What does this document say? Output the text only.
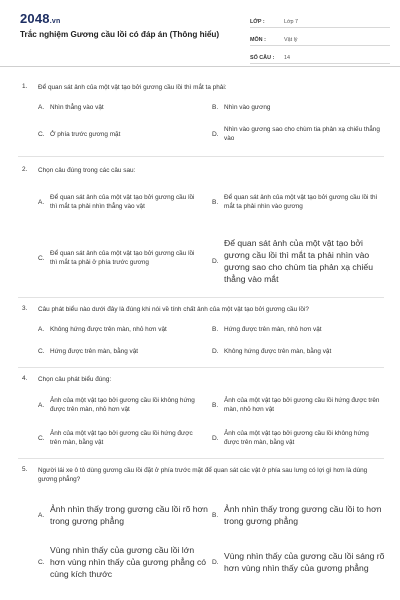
2048.vn
Trắc nghiệm Gương cầu lồi có đáp án (Thông hiểu)
LỚP :	Lớp 7
MÔN :	Vật lý
SỐ CÂU :	14
1. Để quan sát ảnh của một vật tạo bởi gương cầu lồi thì mắt ta phải:
A. Nhìn thẳng vào vật	B. Nhìn vào gương
C. Ở phía trước gương mặt	D.
Nhìn vào gương sao cho chùm tia phản xạ chiếu thẳng vào
2. Chọn câu đúng trong các câu sau:
A.
Để quan sát ảnh của một vật tạo bởi gương cầu lồi thì mắt ta phải nhìn thẳng vào vật
B.
Để quan sát ảnh của một vật tạo bởi gương cầu lồi thì mắt ta phải nhìn vào gương
C.
Để quan sát ảnh của một vật tạo bởi gương cầu lồi thì mắt ta phải ở phía trước gương	D.
Để quan sát ảnh của một vật tạo bởi gương cầu lồi thì mắt ta phải nhìn vào gương sao cho chùm tia phản xạ chiếu thẳng vào mắt
3. Câu phát biểu nào dưới đây là đúng khi nói về tính chất ảnh của một vật tạo bởi gương cầu lồi?
A. Không hứng được trên màn, nhỏ hơn vật	B. Hứng được trên màn, nhỏ hơn vật
C. Hứng được trên màn, bằng vật	D. Không hứng được trên màn, bằng vật
4. Chọn câu phát biểu đúng:
A.
Ảnh của một vật tạo bởi gương cầu lồi không hứng được trên màn, nhỏ hơn vật
B.
Ảnh của một vật tạo bởi gương cầu lồi hứng được trên màn, nhỏ hơn vật
C.
Ảnh của một vật tạo bởi gương cầu lồi hứng được trên màn, bằng vật
D.
Ảnh của một vật tạo bởi gương cầu lồi không hứng được trên màn, bằng vật
5. Người lái xe ô tô dùng gương cầu lồi đặt ở phía trước mặt để quan sát các vật ở phía sau lưng có lợi gì hơn là dùng gương phẳng?
A.
Ảnh nhìn thấy trong gương cầu lồi rõ hơn trong gương phẳng
B.
Ảnh nhìn thấy trong gương cầu lồi to hơn trong gương phẳng
C.
Vùng nhìn thấy của gương cầu lồi lớn hơn vùng nhìn thấy của gương phẳng có cùng kích thước
D.
Vùng nhìn thấy của gương cầu lồi sáng rõ hơn vùng nhìn thấy của gương phẳng
